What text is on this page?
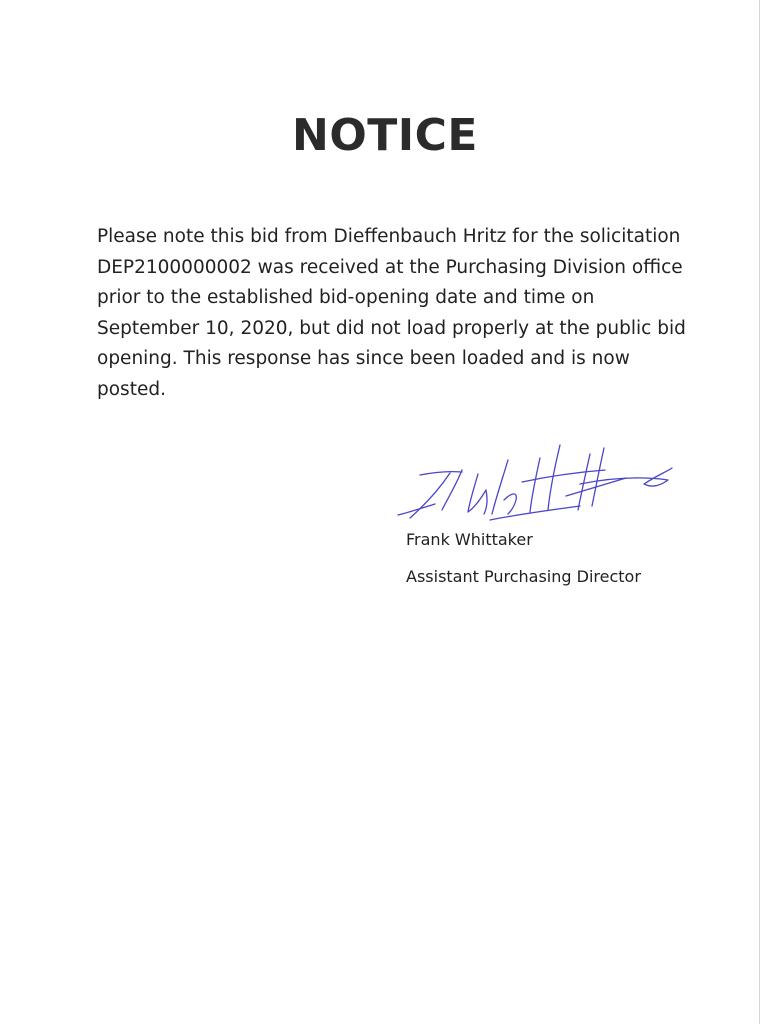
NOTICE
Please note this bid from Dieffenbauch Hritz for the solicitation
DEP2100000002 was received at the Purchasing Division office
prior to the established bid-opening date and time on
September 10, 2020, but did not load properly at the public bid
opening. This response has since been loaded and is now
posted.

Frank Whittaker

Assistant Purchasing Director
